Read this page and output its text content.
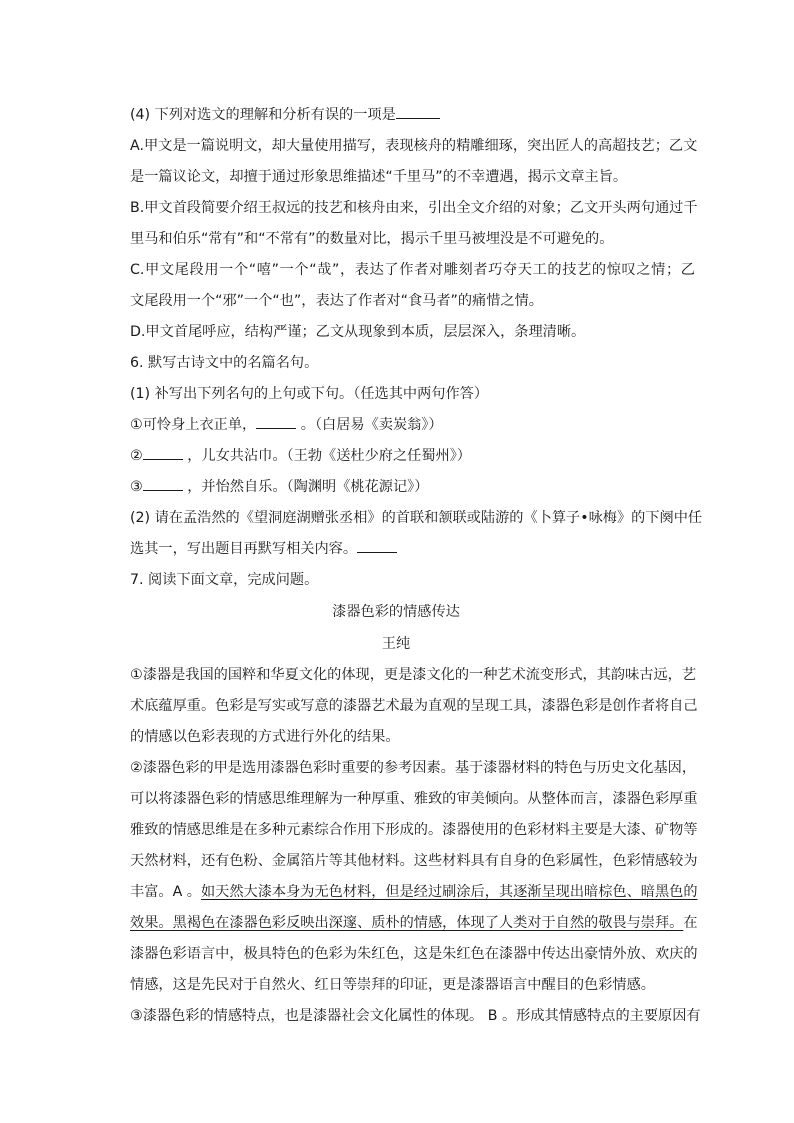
(4) 下列对选文的理解和分析有误的一项是
A.甲文是一篇说明文，却大量使用描写，表现核舟的精雕细琢，突出匠人的高超技艺；乙文
是一篇议论文，却擅于通过形象思维描述“千里马”的不幸遭遇，揭示文章主旨。
B.甲文首段简要介绍王叔远的技艺和核舟由来，引出全文介绍的对象；乙文开头两句通过千
里马和伯乐“常有”和“不常有”的数量对比，揭示千里马被埋没是不可避免的。
C.甲文尾段用一个“嘻”一个“哉”，表达了作者对雕刻者巧夺天工的技艺的惊叹之情；乙
文尾段用一个“邪”一个“也”，表达了作者对“食马者”的痛惜之情。
D.甲文首尾呼应，结构严谨；乙文从现象到本质，层层深入，条理清晰。
6. 默写古诗文中的名篇名句。
(1) 补写出下列名句的上句或下句。（任选其中两句作答）
①可怜身上衣正单，	。（白居易《卖炭翁》）
②	，儿女共沾巾。（王勃《送杜少府之任蜀州》）
③	，并怡然自乐。（陶渊明《桃花源记》）
(2) 请在孟浩然的《望洞庭湖赠张丞相》的首联和颔联或陆游的《卜算子•咏梅》的下阕中任
选其一，写出题目再默写相关内容。
7. 阅读下面文章，完成问题。
漆器色彩的情感传达
王纯
①漆器是我国的国粹和华夏文化的体现，更是漆文化的一种艺术流变形式，其韵味古远，艺
术底蕴厚重。色彩是写实或写意的漆器艺术最为直观的呈现工具，漆器色彩是创作者将自己
的情感以色彩表现的方式进行外化的结果。
②漆器色彩的甲是选用漆器色彩时重要的参考因素。基于漆器材料的特色与历史文化基因，
可以将漆器色彩的情感思维理解为一种厚重、雅致的审美倾向。从整体而言，漆器色彩厚重
雅致的情感思维是在多种元素综合作用下形成的。漆器使用的色彩材料主要是大漆、矿物等
天然材料，还有色粉、金属箔片等其他材料。这些材料具有自身的色彩属性，色彩情感较为
丰富。A 。如天然大漆本身为无色材料，但是经过刷涂后，其逐渐呈现出暗棕色、暗黑色的
效果。黑褐色在漆器色彩反映出深邃、质朴的情感，体现了人类对于自然的敬畏与崇拜。在
漆器色彩语言中，极具特色的色彩为朱红色，这是朱红色在漆器中传达出豪情外放、欢庆的
情感，这是先民对于自然火、红日等崇拜的印证，更是漆器语言中醒目的色彩情感。
③漆器色彩的情感特点，也是漆器社会文化属性的体现。 B 。形成其情感特点的主要原因有
